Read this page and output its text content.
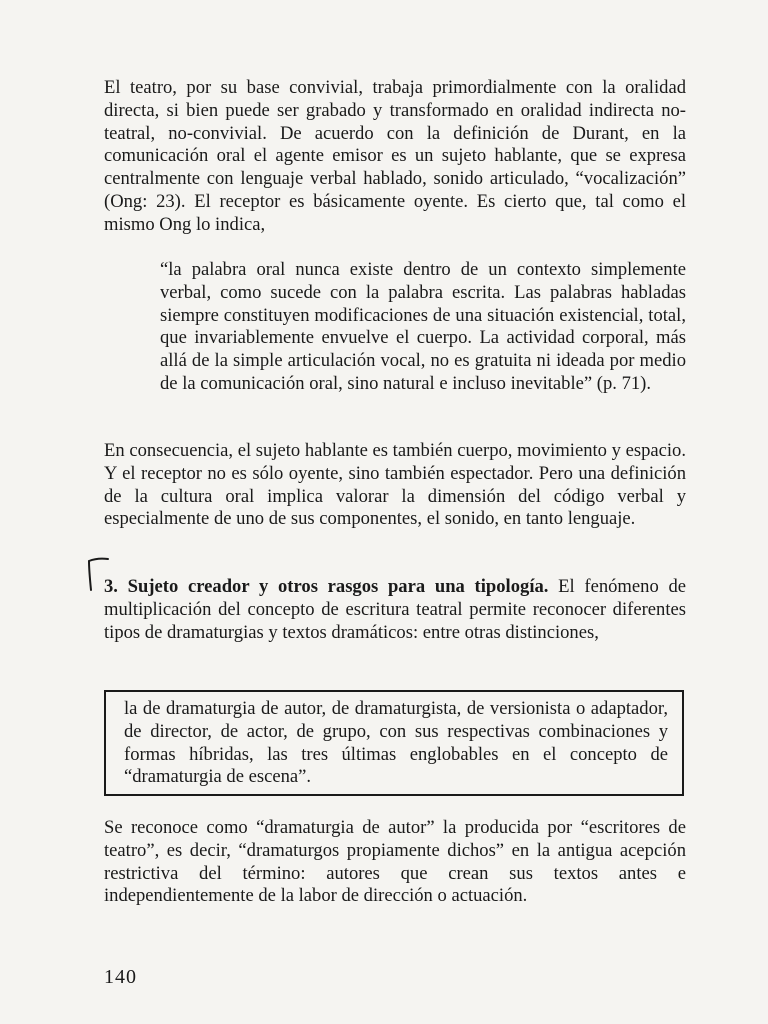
El teatro, por su base convivial, trabaja primordialmente con la oralidad directa, si bien puede ser grabado y transformado en oralidad indirecta no-teatral, no-convivial. De acuerdo con la definición de Durant, en la comunicación oral el agente emisor es un sujeto hablante, que se expresa centralmente con lenguaje verbal hablado, sonido articulado, “vocalización” (Ong: 23). El receptor es básicamente oyente. Es cierto que, tal como el mismo Ong lo indica,

“la palabra oral nunca existe dentro de un contexto simplemente verbal, como sucede con la palabra escrita. Las palabras habladas siempre constituyen modificaciones de una situación existencial, total, que invariablemente envuelve el cuerpo. La actividad corporal, más allá de la simple articulación vocal, no es gratuita ni ideada por medio de la comunicación oral, sino natural e incluso inevitable” (p. 71).

En consecuencia, el sujeto hablante es también cuerpo, movimiento y espacio. Y el receptor no es sólo oyente, sino también espectador. Pero una definición de la cultura oral implica valorar la dimensión del código verbal y especialmente de uno de sus componentes, el sonido, en tanto lenguaje.

3. Sujeto creador y otros rasgos para una tipología. El fenómeno de multiplicación del concepto de escritura teatral permite reconocer diferentes tipos de dramaturgias y textos dramáticos: entre otras distinciones,

la de dramaturgia de autor, de dramaturgista, de versionista o adaptador, de director, de actor, de grupo, con sus respectivas combinaciones y formas híbridas, las tres últimas englobables en el concepto de “dramaturgia de escena”.

Se reconoce como “dramaturgia de autor” la producida por “escritores de teatro”, es decir, “dramaturgos propiamente dichos” en la antigua acepción restrictiva del término: autores que crean sus textos antes e independientemente de la labor de dirección o actuación.

140
